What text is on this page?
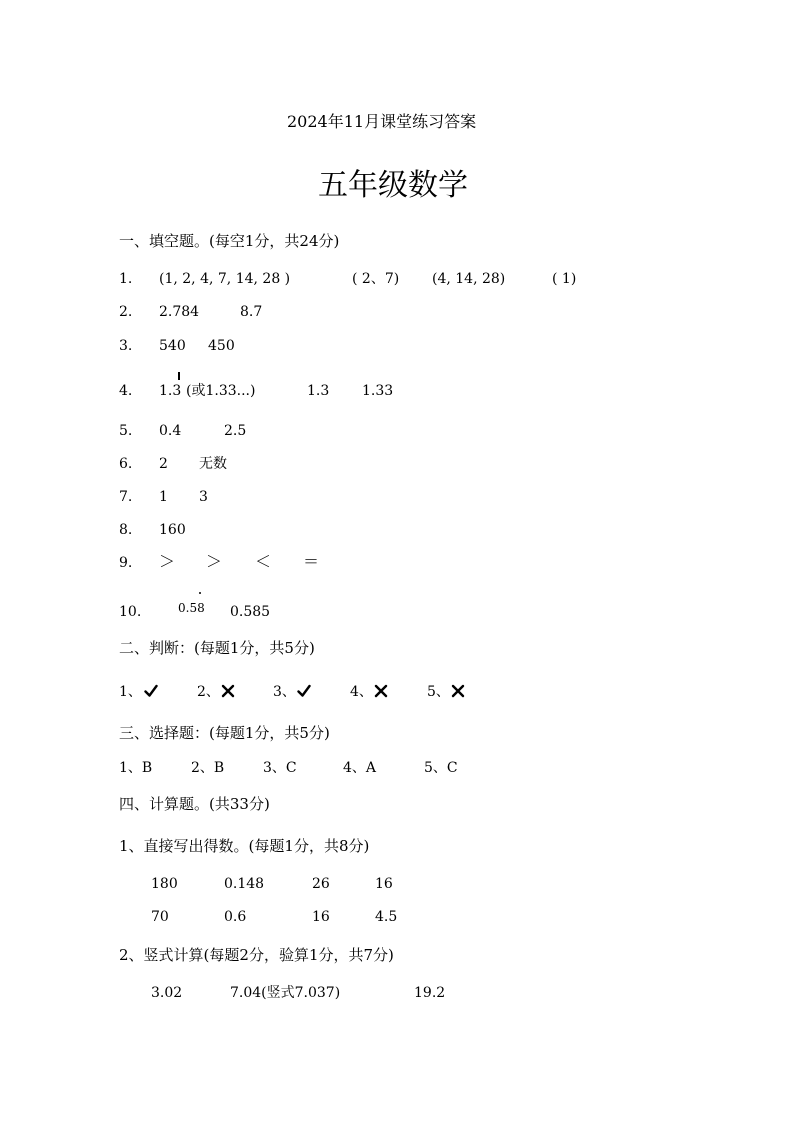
2024年11月课堂练习答案
五年级数学
一、填空题。(每空1分，共24分)
1. (1, 2, 4, 7, 14, 28 )	( 2、7) (4, 14, 28)	( 1)
2. 2.784	8.7
3. 540 450
4. 1.3 (或1.33...)	1.3 1.33
5. 0.4	2.5
6. 2 无数
7. 1 3
8. 160
9. ＞ ＞ ＜ ＝
10.	0.58 0.585
二、判断：(每题1分，共5分)
1、	2、	3、	4、	5、
三、选择题：(每题1分，共5分)
1、B	2、B	3、C	4、A	5、C
四、计算题。(共33分)
1、直接写出得数。(每题1分，共8分)
180	0.148	26	16
70	0.6	16	4.5
2、竖式计算(每题2分，验算1分，共7分)
3.02	7.04(竖式7.037)	19.2
